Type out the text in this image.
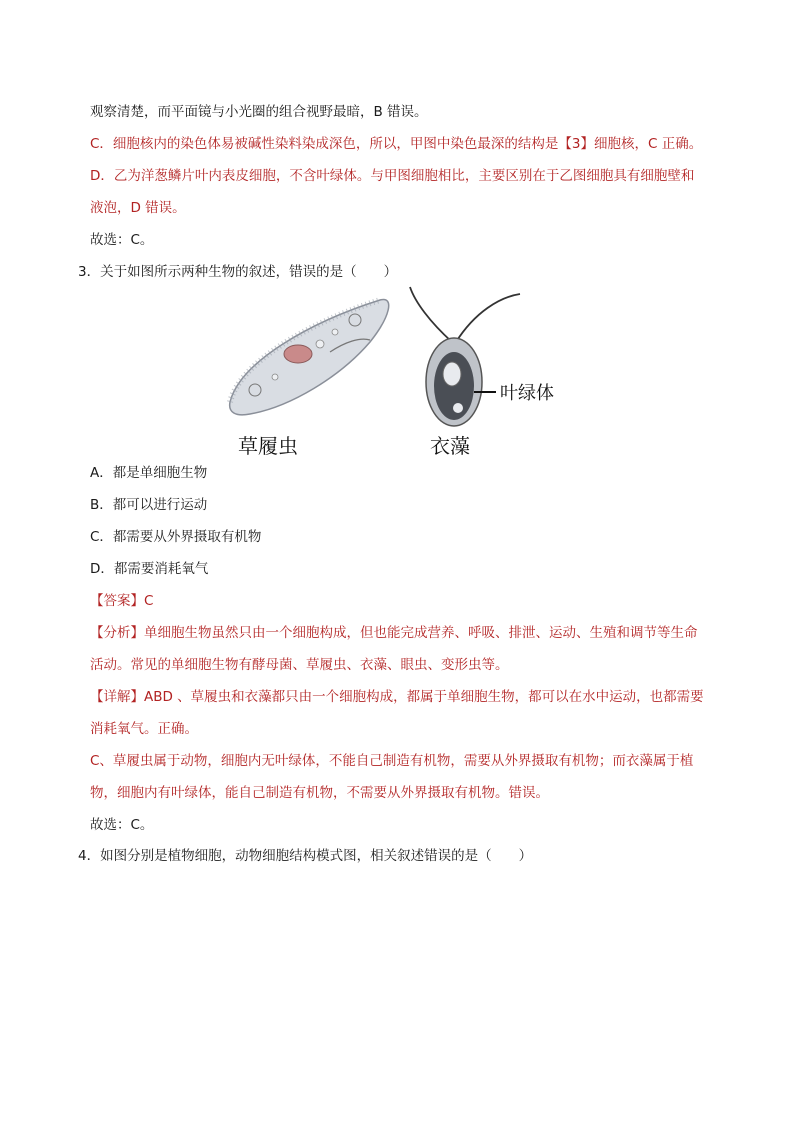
观察清楚，而平面镜与小光圈的组合视野最暗，B 错误。
C．细胞核内的染色体易被碱性染料染成深色，所以，甲图中染色最深的结构是【3】细胞核，C 正确。
D．乙为洋葱鳞片叶内表皮细胞，不含叶绿体。与甲图细胞相比，主要区别在于乙图细胞具有细胞壁和
液泡，D 错误。
故选：C。
3．关于如图所示两种生物的叙述，错误的是（　　）
草履虫	衣藻
叶绿体
A．都是单细胞生物
B．都可以进行运动
C．都需要从外界摄取有机物
D．都需要消耗氧气
【答案】C
【分析】单细胞生物虽然只由一个细胞构成，但也能完成营养、呼吸、排泄、运动、生殖和调节等生命
活动。常见的单细胞生物有酵母菌、草履虫、衣藻、眼虫、变形虫等。
【详解】ABD 、草履虫和衣藻都只由一个细胞构成，都属于单细胞生物，都可以在水中运动，也都需要
消耗氧气。正确。
C、草履虫属于动物，细胞内无叶绿体，不能自己制造有机物，需要从外界摄取有机物；而衣藻属于植
物，细胞内有叶绿体，能自己制造有机物，不需要从外界摄取有机物。错误。
故选：C。
4．如图分别是植物细胞，动物细胞结构模式图，相关叙述错误的是（　　）
